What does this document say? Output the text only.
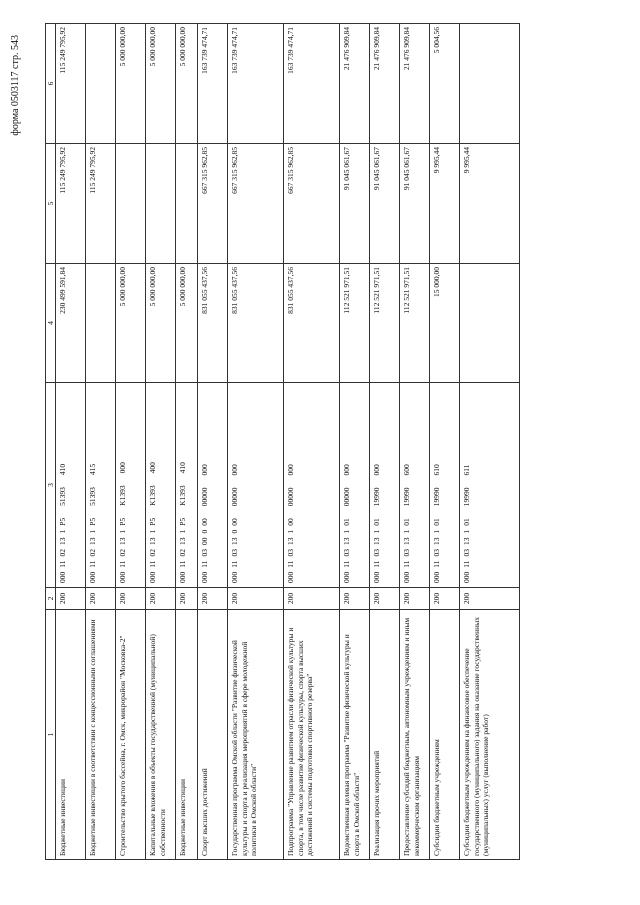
форма 0503117 стр. 543
1	2	3	4	5	6
Бюджетные инвестиции	200	0001102131P551393410	230 499 591,84	115 249 795,92	115 249 795,92
Бюджетные инвестиции в соответствии с концессионными соглашениями	200	0001102131P551393415		115 249 795,92	
Строительство крытого бассейна, г. Омск, микрорайон "Московка-2"	200	0001102131P5K1393000	5 000 000,00		5 000 000,00
Капитальные вложения в объекты государственной (муниципальной) собственности	200	0001102131P5K1393400	5 000 000,00		5 000 000,00
Бюджетные инвестиции	200	0001102131P5K1393410	5 000 000,00		5 000 000,00
Спорт высших достижений	200	00011030000000000000	831 055 437,56	667 315 962,85	163 739 474,71
Государственная программа Омской области "Развитие физической культуры и спорта и реализация мероприятий в сфере молодежной политики в Омской области"	200	00011031300000000000	831 055 437,56	667 315 962,85	163 739 474,71
Подпрограмма "Управление развитием отрасли физической культуры и спорта, в том числе развитие физической культуры, спорта высших достижений и системы подготовки спортивного резерва"	200	00011031310000000000	831 055 437,56	667 315 962,85	163 739 474,71
Ведомственная целевая программа "Развитие физической культуры и спорта в Омской области"	200	00011031310100000000	112 521 971,51	91 045 061,67	21 476 909,84
Реализация прочих мероприятий	200	00011031310119990000	112 521 971,51	91 045 061,67	21 476 909,84
Предоставление субсидий бюджетным, автономным учреждениям и иным некоммерческим организациям	200	00011031310119990600	112 521 971,51	91 045 061,67	21 476 909,84
Субсидии бюджетным учреждениям	200	00011031310119990610	15 000,00	9 995,44	5 004,56
Субсидии бюджетным учреждениям на финансовое обеспечение государственного (муниципального) задания на оказание государственных (муниципальных) услуг (выполнение работ)	200	00011031310119990611		9 995,44	
